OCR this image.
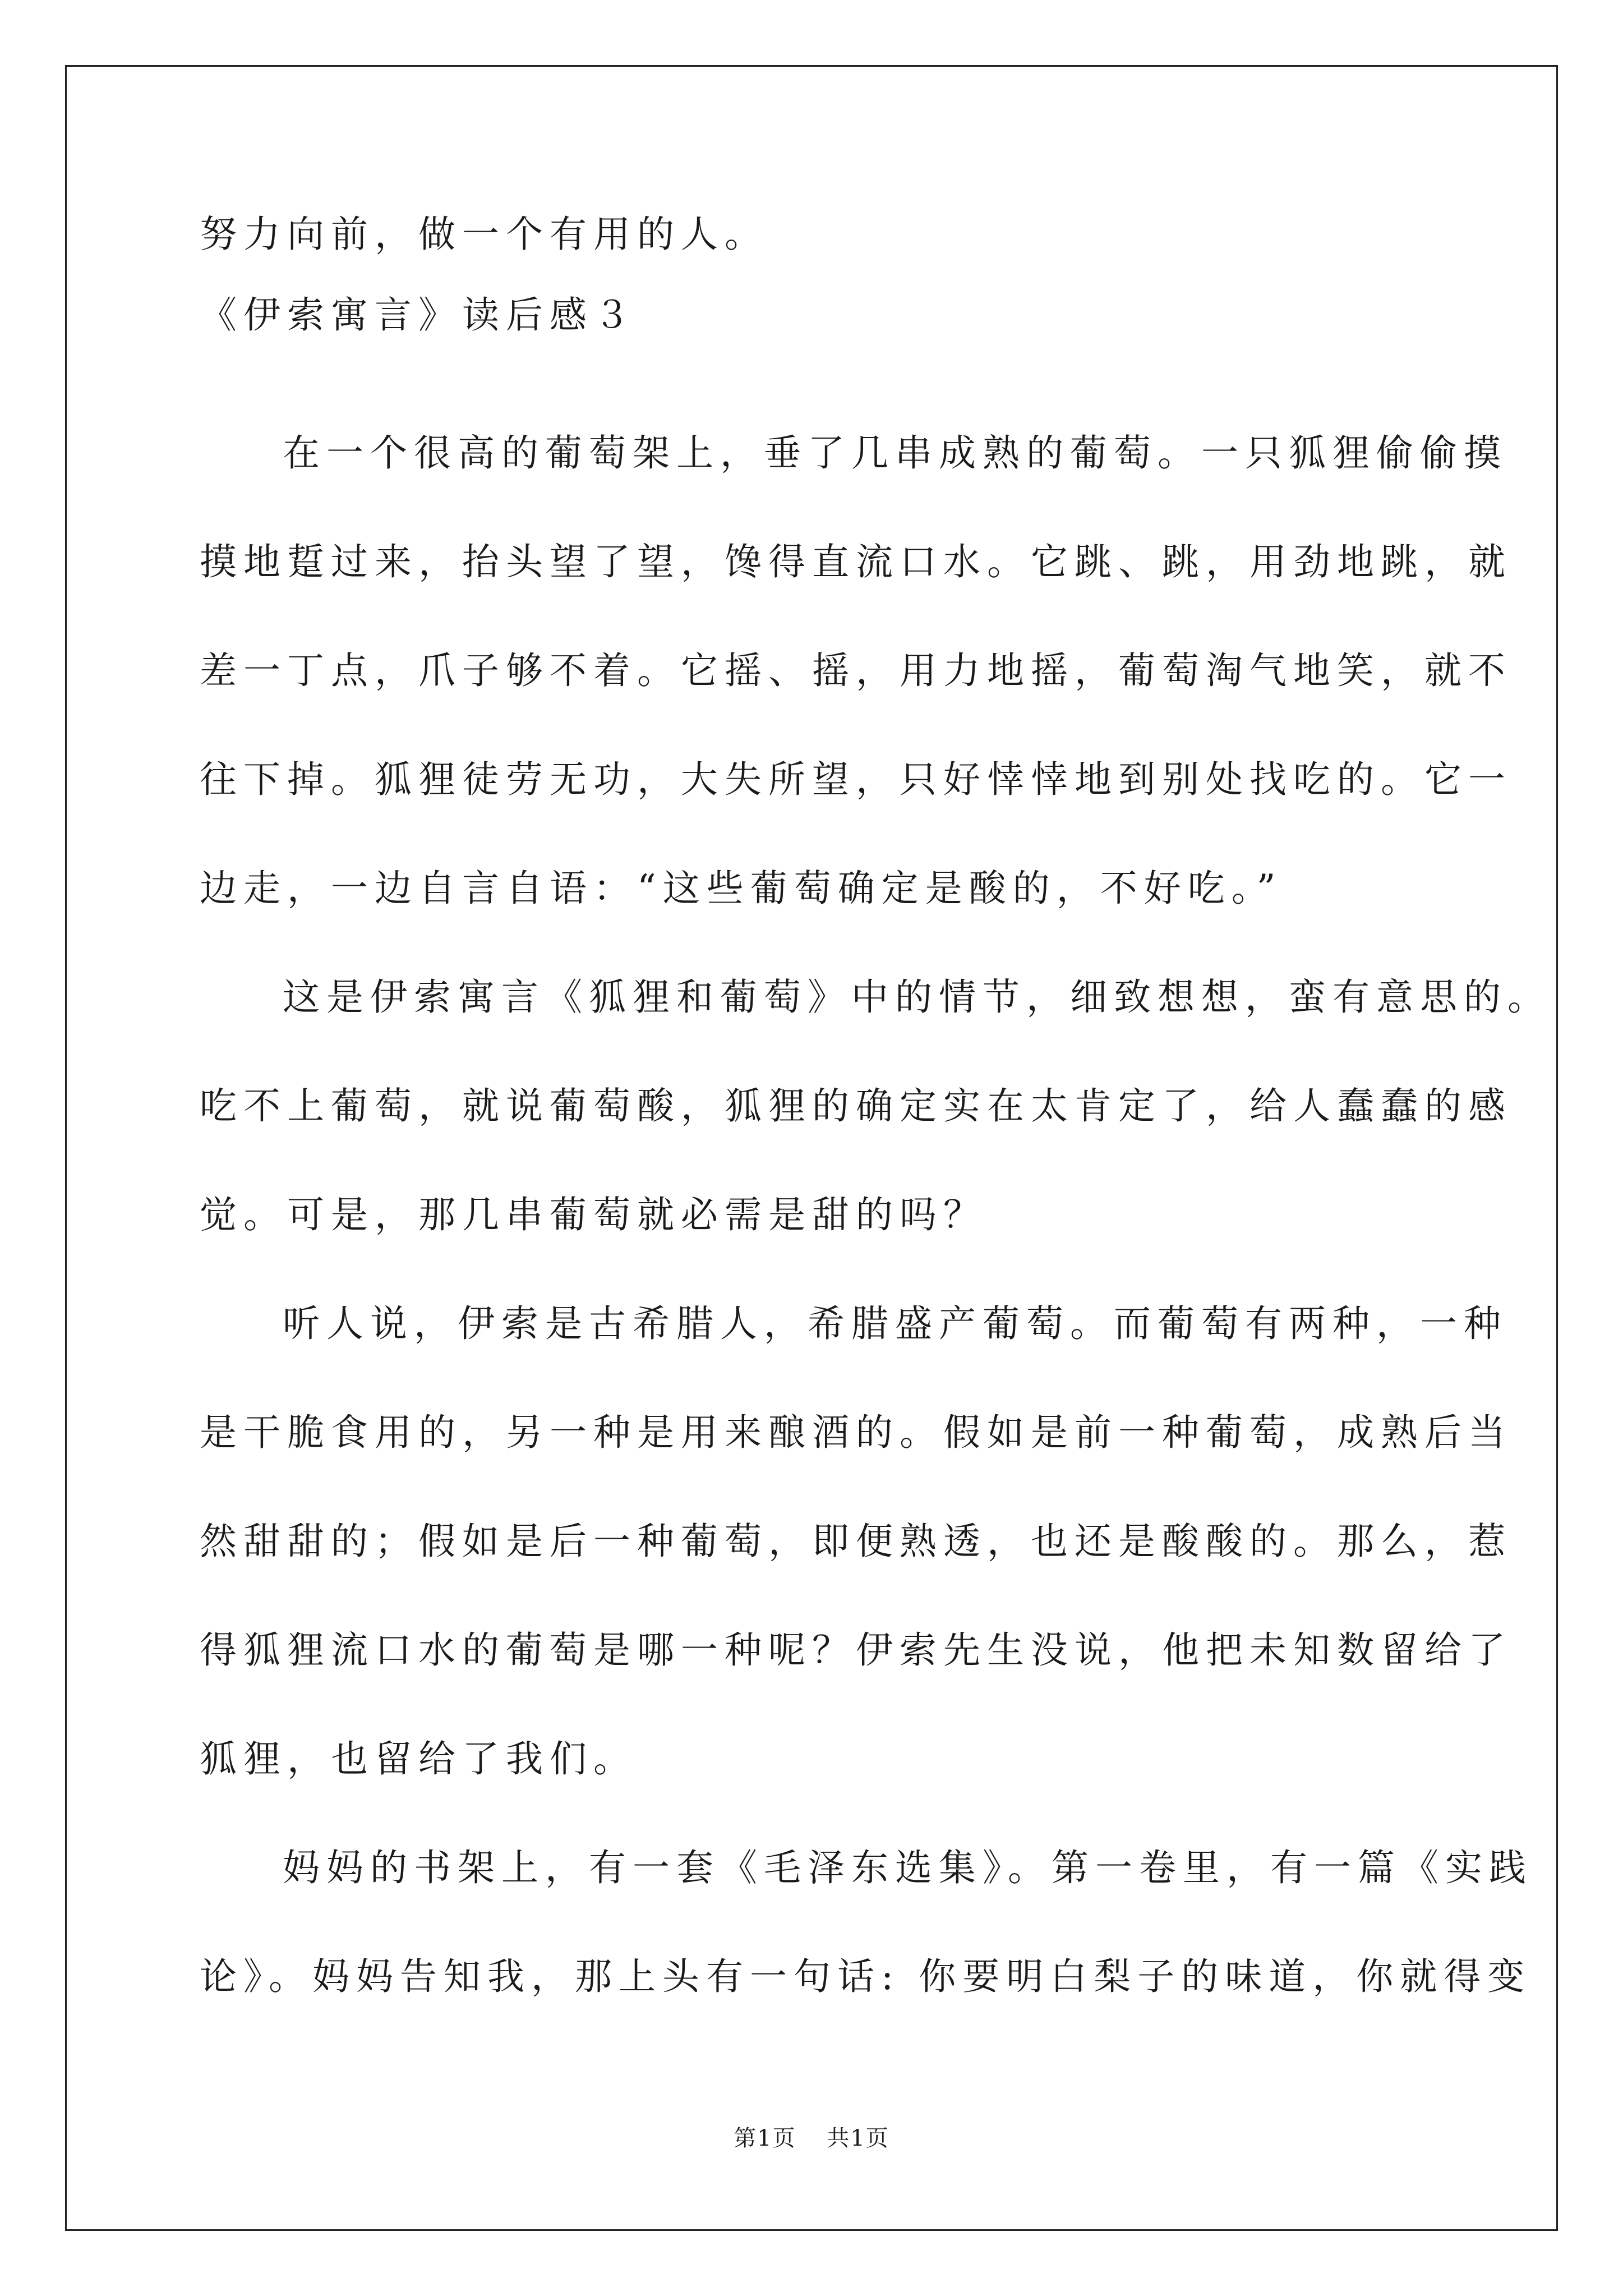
努力向前，做一个有用的人。

《伊索寓言》读后感３

在一个很高的葡萄架上，垂了几串成熟的葡萄。一只狐狸偷偷摸

摸地踅过来，抬头望了望，馋得直流口水。它跳、跳，用劲地跳，就

差一丁点，爪子够不着。它摇、摇，用力地摇，葡萄淘气地笑，就不

往下掉。狐狸徒劳无功，大失所望，只好悻悻地到别处找吃的。它一

边走，一边自言自语：“这些葡萄确定是酸的，不好吃。”

这是伊索寓言《狐狸和葡萄》中的情节，细致想想，蛮有意思的。

吃不上葡萄，就说葡萄酸，狐狸的确定实在太肯定了，给人蠢蠢的感

觉。可是，那几串葡萄就必需是甜的吗？

听人说，伊索是古希腊人，希腊盛产葡萄。而葡萄有两种，一种

是干脆食用的，另一种是用来酿酒的。假如是前一种葡萄，成熟后当

然甜甜的；假如是后一种葡萄，即便熟透，也还是酸酸的。那么，惹

得狐狸流口水的葡萄是哪一种呢？伊索先生没说，他把未知数留给了

狐狸，也留给了我们。

妈妈的书架上，有一套《毛泽东选集》。第一卷里，有一篇《实践

论》。妈妈告知我，那上头有一句话: 你要明白梨子的味道，你就得变

第1页 共1页
